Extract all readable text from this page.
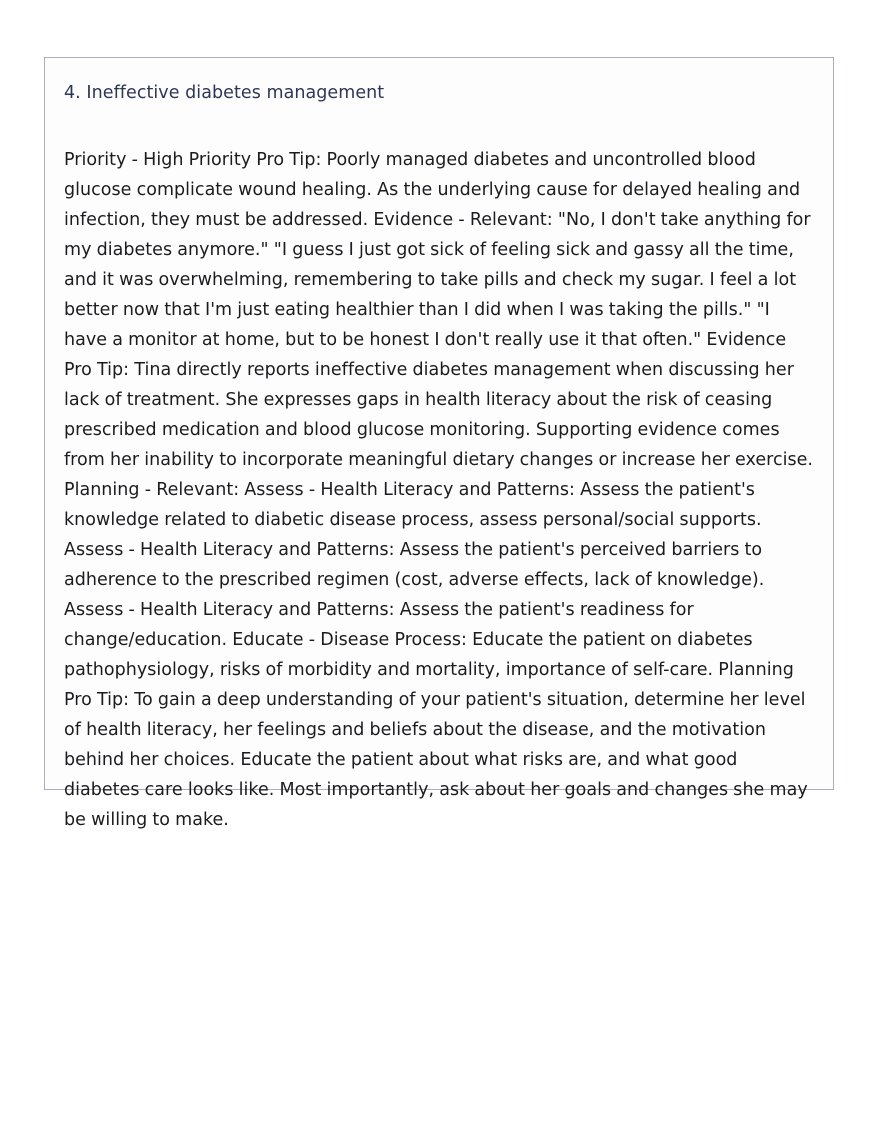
4. Ineffective diabetes management

Priority - High Priority Pro Tip: Poorly managed diabetes and uncontrolled blood glucose complicate wound healing. As the underlying cause for delayed healing and infection, they must be addressed. Evidence - Relevant: "No, I don't take anything for my diabetes anymore." "I guess I just got sick of feeling sick and gassy all the time, and it was overwhelming, remembering to take pills and check my sugar. I feel a lot better now that I'm just eating healthier than I did when I was taking the pills." "I have a monitor at home, but to be honest I don't really use it that often." Evidence Pro Tip: Tina directly reports ineffective diabetes management when discussing her lack of treatment. She expresses gaps in health literacy about the risk of ceasing prescribed medication and blood glucose monitoring. Supporting evidence comes from her inability to incorporate meaningful dietary changes or increase her exercise. Planning - Relevant: Assess - Health Literacy and Patterns: Assess the patient's knowledge related to diabetic disease process, assess personal/social supports. Assess - Health Literacy and Patterns: Assess the patient's perceived barriers to adherence to the prescribed regimen (cost, adverse effects, lack of knowledge). Assess - Health Literacy and Patterns: Assess the patient's readiness for change/education. Educate - Disease Process: Educate the patient on diabetes pathophysiology, risks of morbidity and mortality, importance of self-care. Planning Pro Tip: To gain a deep understanding of your patient's situation, determine her level of health literacy, her feelings and beliefs about the disease, and the motivation behind her choices. Educate the patient about what risks are, and what good diabetes care looks like. Most importantly, ask about her goals and changes she may be willing to make.
